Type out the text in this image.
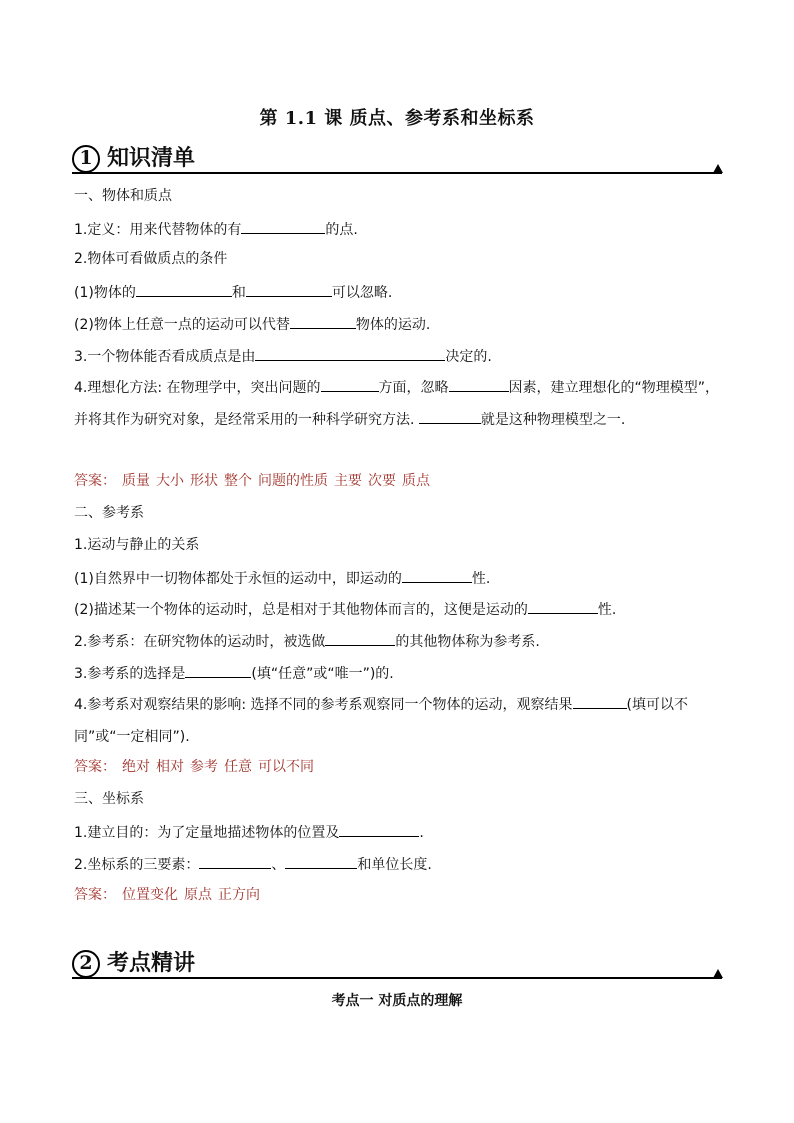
第 1.1 课 质点、参考系和坐标系
1 知识清单
一、物体和质点
1.定义：用来代替物体的有	的点.
2.物体可看做质点的条件
(1)物体的	和	可以忽略.
(2)物体上任意一点的运动可以代替	物体的运动.
3.一个物体能否看成质点是由	决定的.
4.理想化方法: 在物理学中，突出问题的	方面，忽略	因素，建立理想化的“物理模型”，并将其作为研究对象，是经常采用的一种科学研究方法.	就是这种物理模型之一.
答案： 质量 大小 形状 整个 问题的性质 主要 次要 质点
二、参考系
1.运动与静止的关系
(1)自然界中一切物体都处于永恒的运动中，即运动的	性.
(2)描述某一个物体的运动时，总是相对于其他物体而言的，这便是运动的	性.
2.参考系：在研究物体的运动时，被选做	的其他物体称为参考系.
3.参考系的选择是	(填“任意”或“唯一”)的.
4.参考系对观察结果的影响: 选择不同的参考系观察同一个物体的运动，观察结果	(填可以不同”或“一定相同”).
答案： 绝对 相对 参考 任意 可以不同
三、坐标系
1.建立目的：为了定量地描述物体的位置及	.
2.坐标系的三要素：	、	和单位长度.
答案： 位置变化 原点 正方向
2 考点精讲
考点一 对质点的理解
